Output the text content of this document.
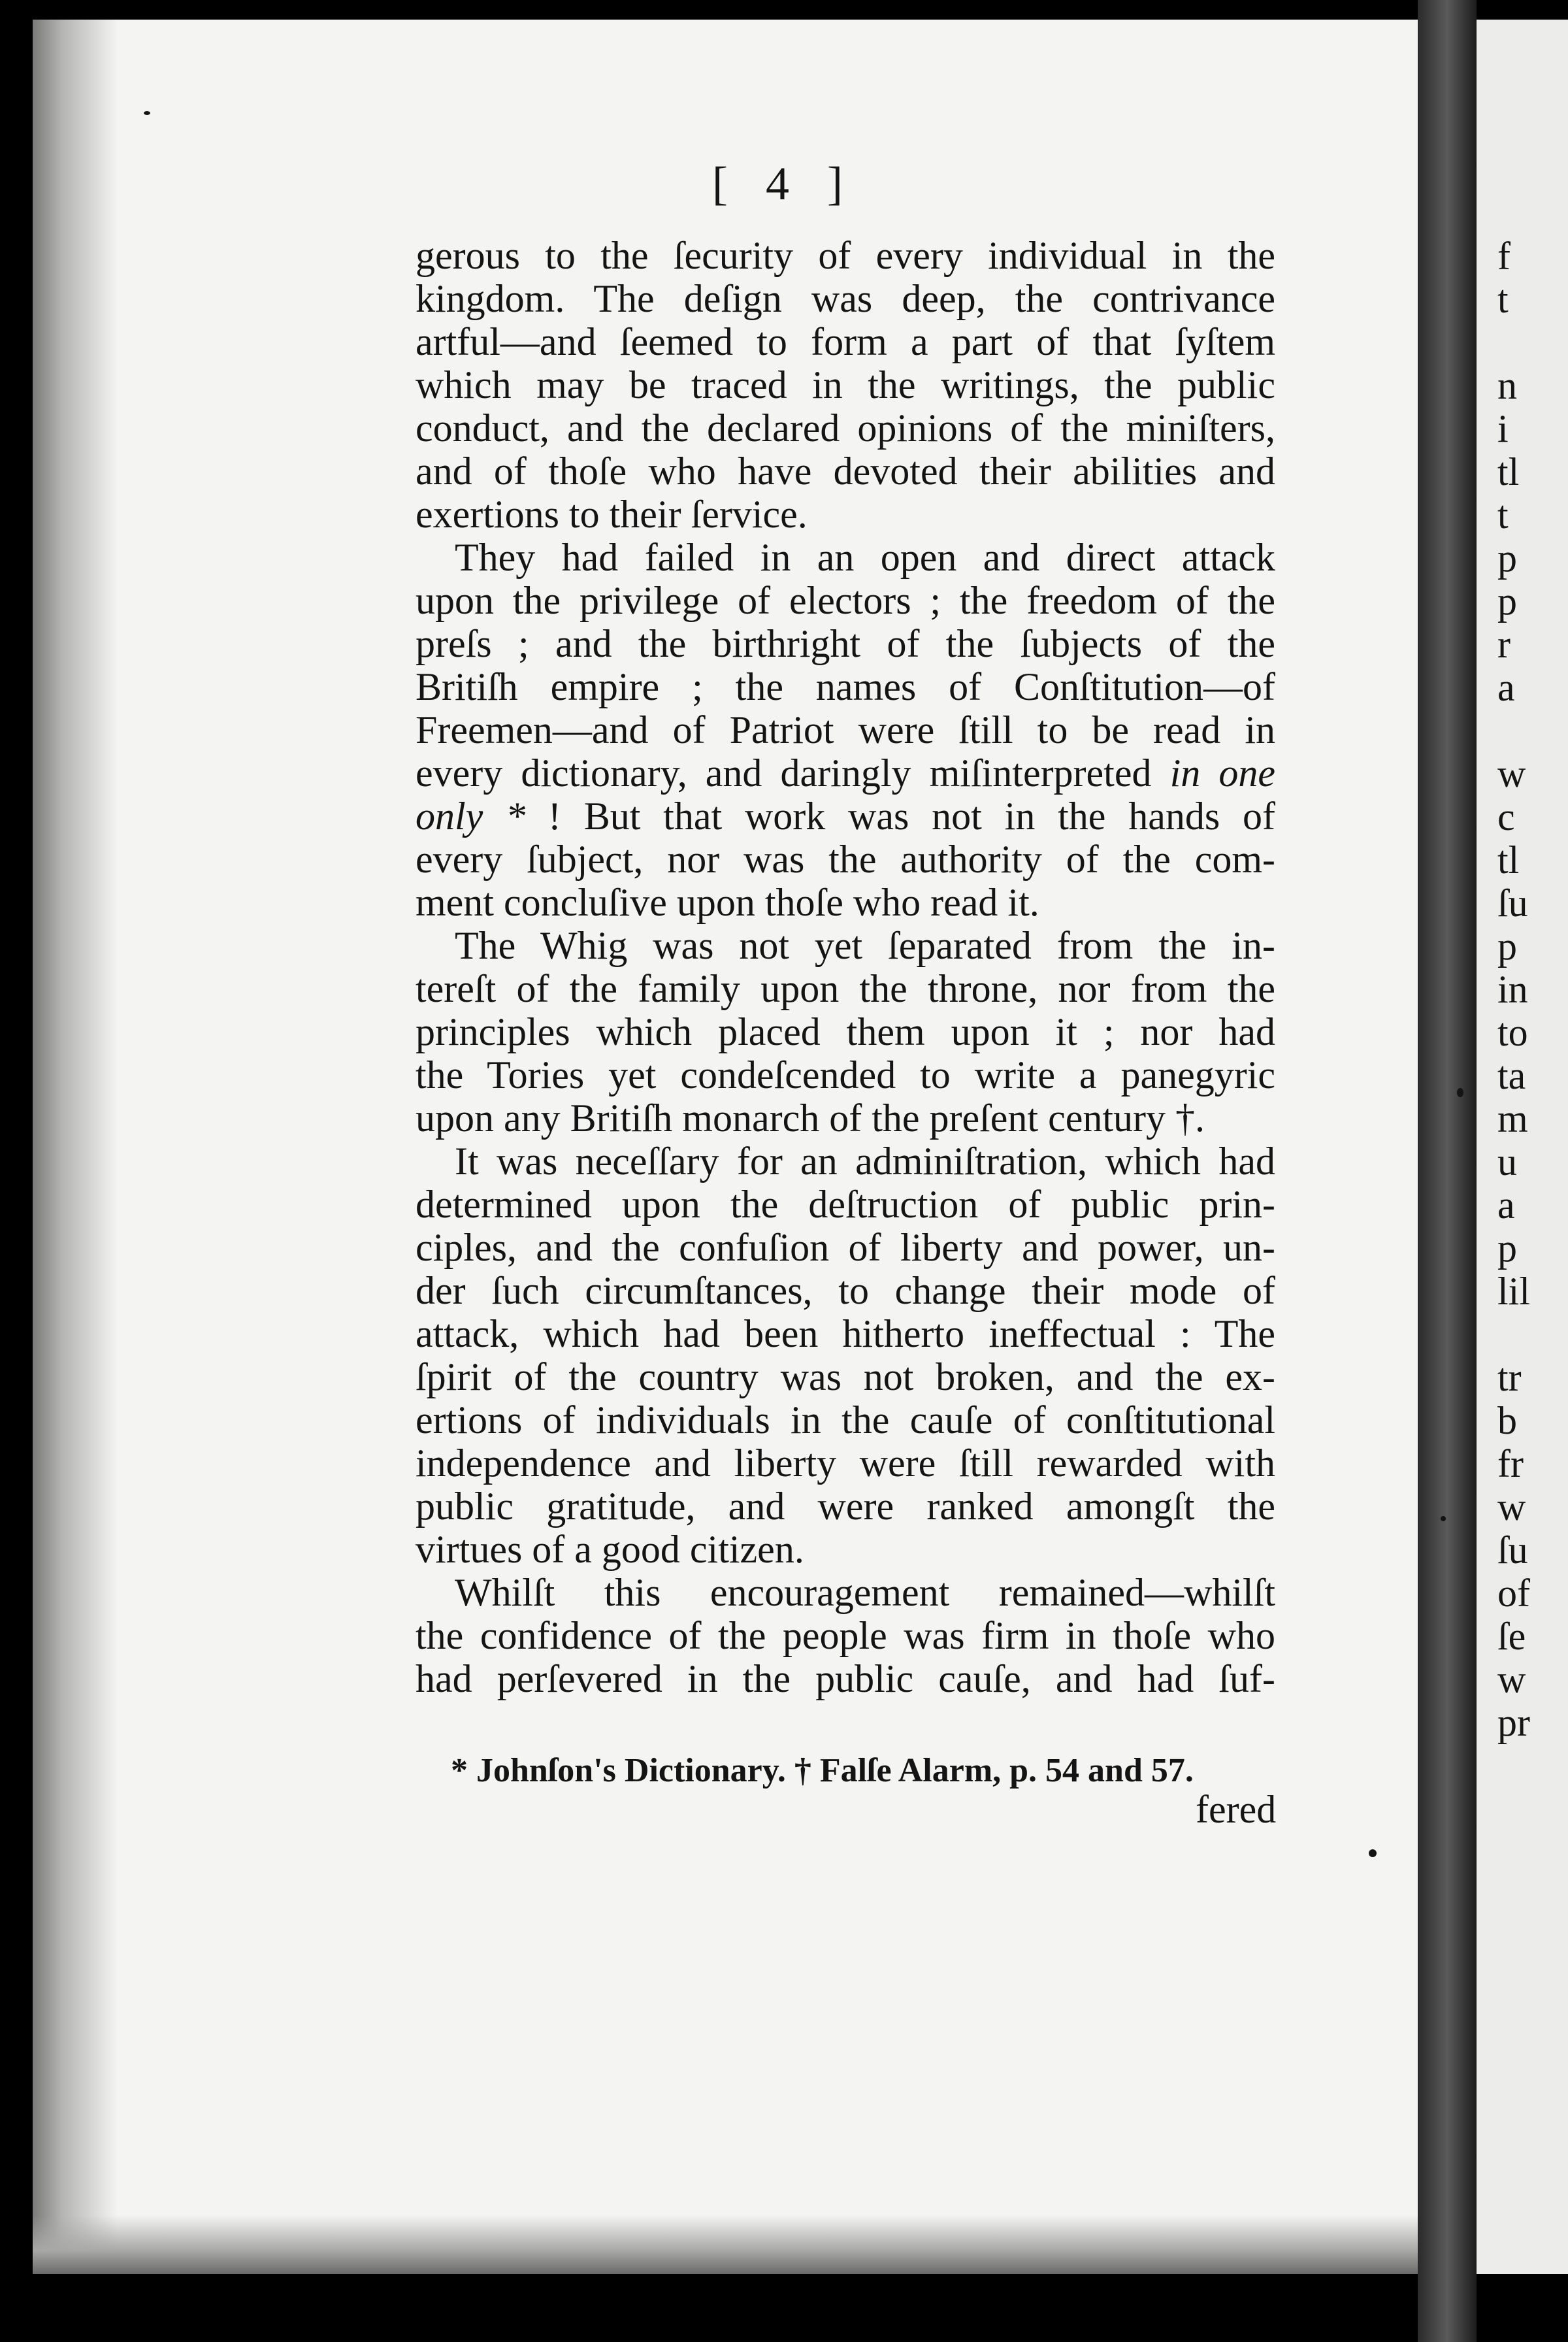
[ 4 ]
gerous to the ſecurity of every individual in the
kingdom. The deſign was deep, the contrivance
artful—and ſeemed to form a part of that ſyſtem
which may be traced in the writings, the public
conduct, and the declared opinions of the miniſters,
and of thoſe who have devoted their abilities and
exertions to their ſervice.
They had failed in an open and direct attack
upon the privilege of electors ; the freedom of the
preſs ; and the birthright of the ſubjects of the
Britiſh empire ; the names of Conſtitution—of
Freemen—and of Patriot were ſtill to be read in
every dictionary, and daringly miſinterpreted in one
only * ! But that work was not in the hands of
every ſubject, nor was the authority of the com-
ment concluſive upon thoſe who read it.
The Whig was not yet ſeparated from the in-
tereſt of the family upon the throne, nor from the
principles which placed them upon it ; nor had
the Tories yet condeſcended to write a panegyric
upon any Britiſh monarch of the preſent century †.
It was neceſſary for an adminiſtration, which had
determined upon the deſtruction of public prin-
ciples, and the confuſion of liberty and power, un-
der ſuch circumſtances, to change their mode of
attack, which had been hitherto ineffectual : The
ſpirit of the country was not broken, and the ex-
ertions of individuals in the cauſe of conſtitutional
independence and liberty were ſtill rewarded with
public gratitude, and were ranked amongſt the
virtues of a good citizen.
Whilſt this encouragement remained—whilſt
the confidence of the people was firm in thoſe who
had perſevered in the public cauſe, and had ſuf-
* Johnſon's Dictionary. † Falſe Alarm, p. 54 and 57.
fered
f
t
n
i
tl
t
p
p
r
a
w
c
tl
ſu
p
in
to
ta
m
u
a
p
lil
tr
b
fr
w
ſu
of
ſe
w
pr
